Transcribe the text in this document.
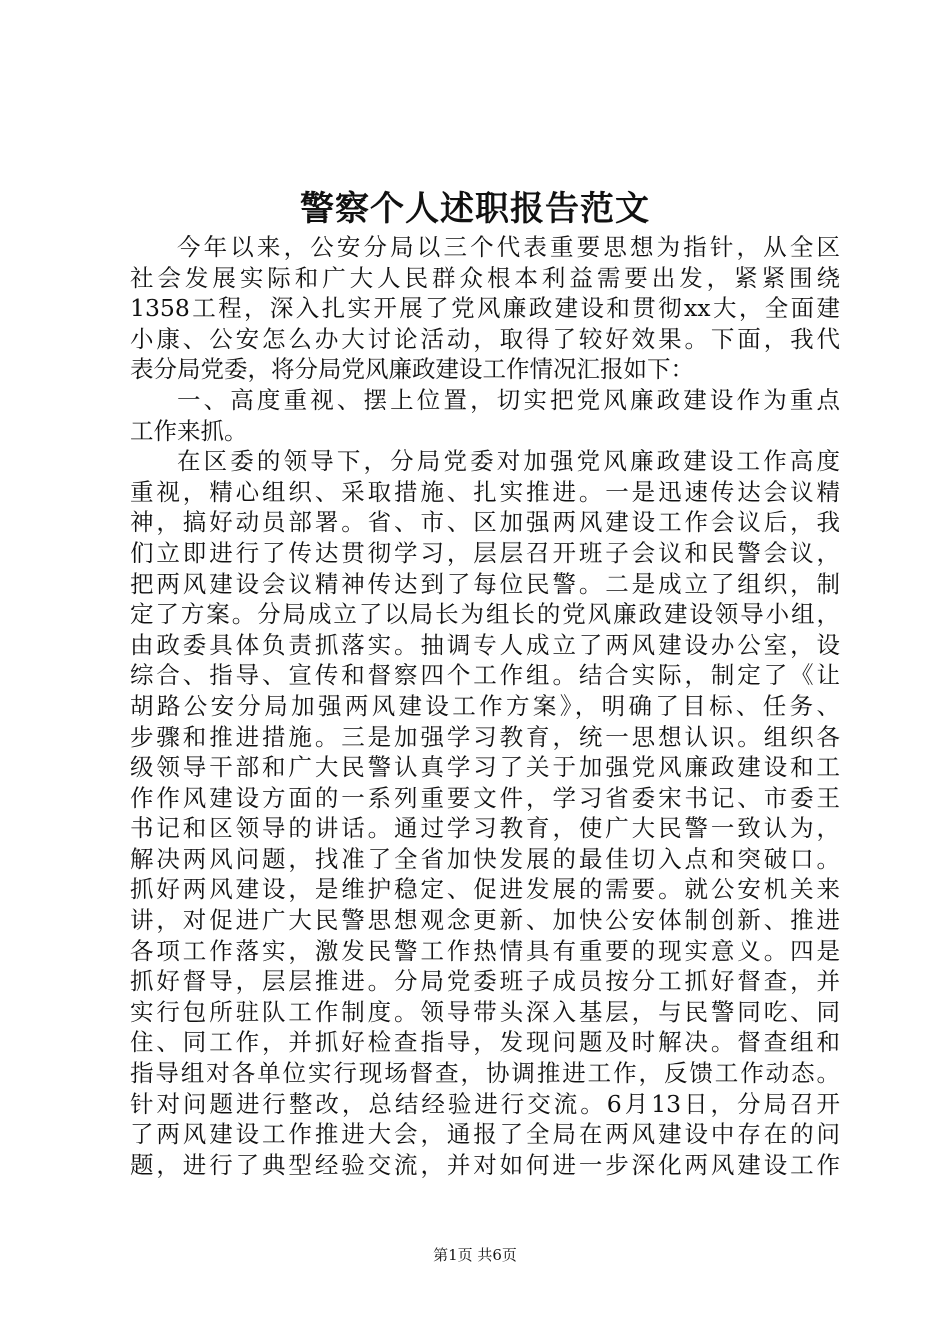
警察个人述职报告范文
今年以来，公安分局以三个代表重要思想为指针，从全区
社会发展实际和广大人民群众根本利益需要出发，紧紧围绕
1358工程，深入扎实开展了党风廉政建设和贯彻xx大，全面建
小康、公安怎么办大讨论活动，取得了较好效果。下面，我代
表分局党委，将分局党风廉政建设工作情况汇报如下：
一、高度重视、摆上位置，切实把党风廉政建设作为重点
工作来抓。
在区委的领导下，分局党委对加强党风廉政建设工作高度
重视，精心组织、采取措施、扎实推进。一是迅速传达会议精
神，搞好动员部署。省、市、区加强两风建设工作会议后，我
们立即进行了传达贯彻学习，层层召开班子会议和民警会议，
把两风建设会议精神传达到了每位民警。二是成立了组织，制
定了方案。分局成立了以局长为组长的党风廉政建设领导小组，
由政委具体负责抓落实。抽调专人成立了两风建设办公室，设
综合、指导、宣传和督察四个工作组。结合实际，制定了《让
胡路公安分局加强两风建设工作方案》，明确了目标、任务、
步骤和推进措施。三是加强学习教育，统一思想认识。组织各
级领导干部和广大民警认真学习了关于加强党风廉政建设和工
作作风建设方面的一系列重要文件，学习省委宋书记、市委王
书记和区领导的讲话。通过学习教育，使广大民警一致认为，
解决两风问题，找准了全省加快发展的最佳切入点和突破口。
抓好两风建设，是维护稳定、促进发展的需要。就公安机关来
讲，对促进广大民警思想观念更新、加快公安体制创新、推进
各项工作落实，激发民警工作热情具有重要的现实意义。四是
抓好督导，层层推进。分局党委班子成员按分工抓好督查，并
实行包所驻队工作制度。领导带头深入基层，与民警同吃、同
住、同工作，并抓好检查指导，发现问题及时解决。督查组和
指导组对各单位实行现场督查，协调推进工作，反馈工作动态。
针对问题进行整改，总结经验进行交流。6月13日，分局召开
了两风建设工作推进大会，通报了全局在两风建设中存在的问
题，进行了典型经验交流，并对如何进一步深化两风建设工作
第1页 共6页
